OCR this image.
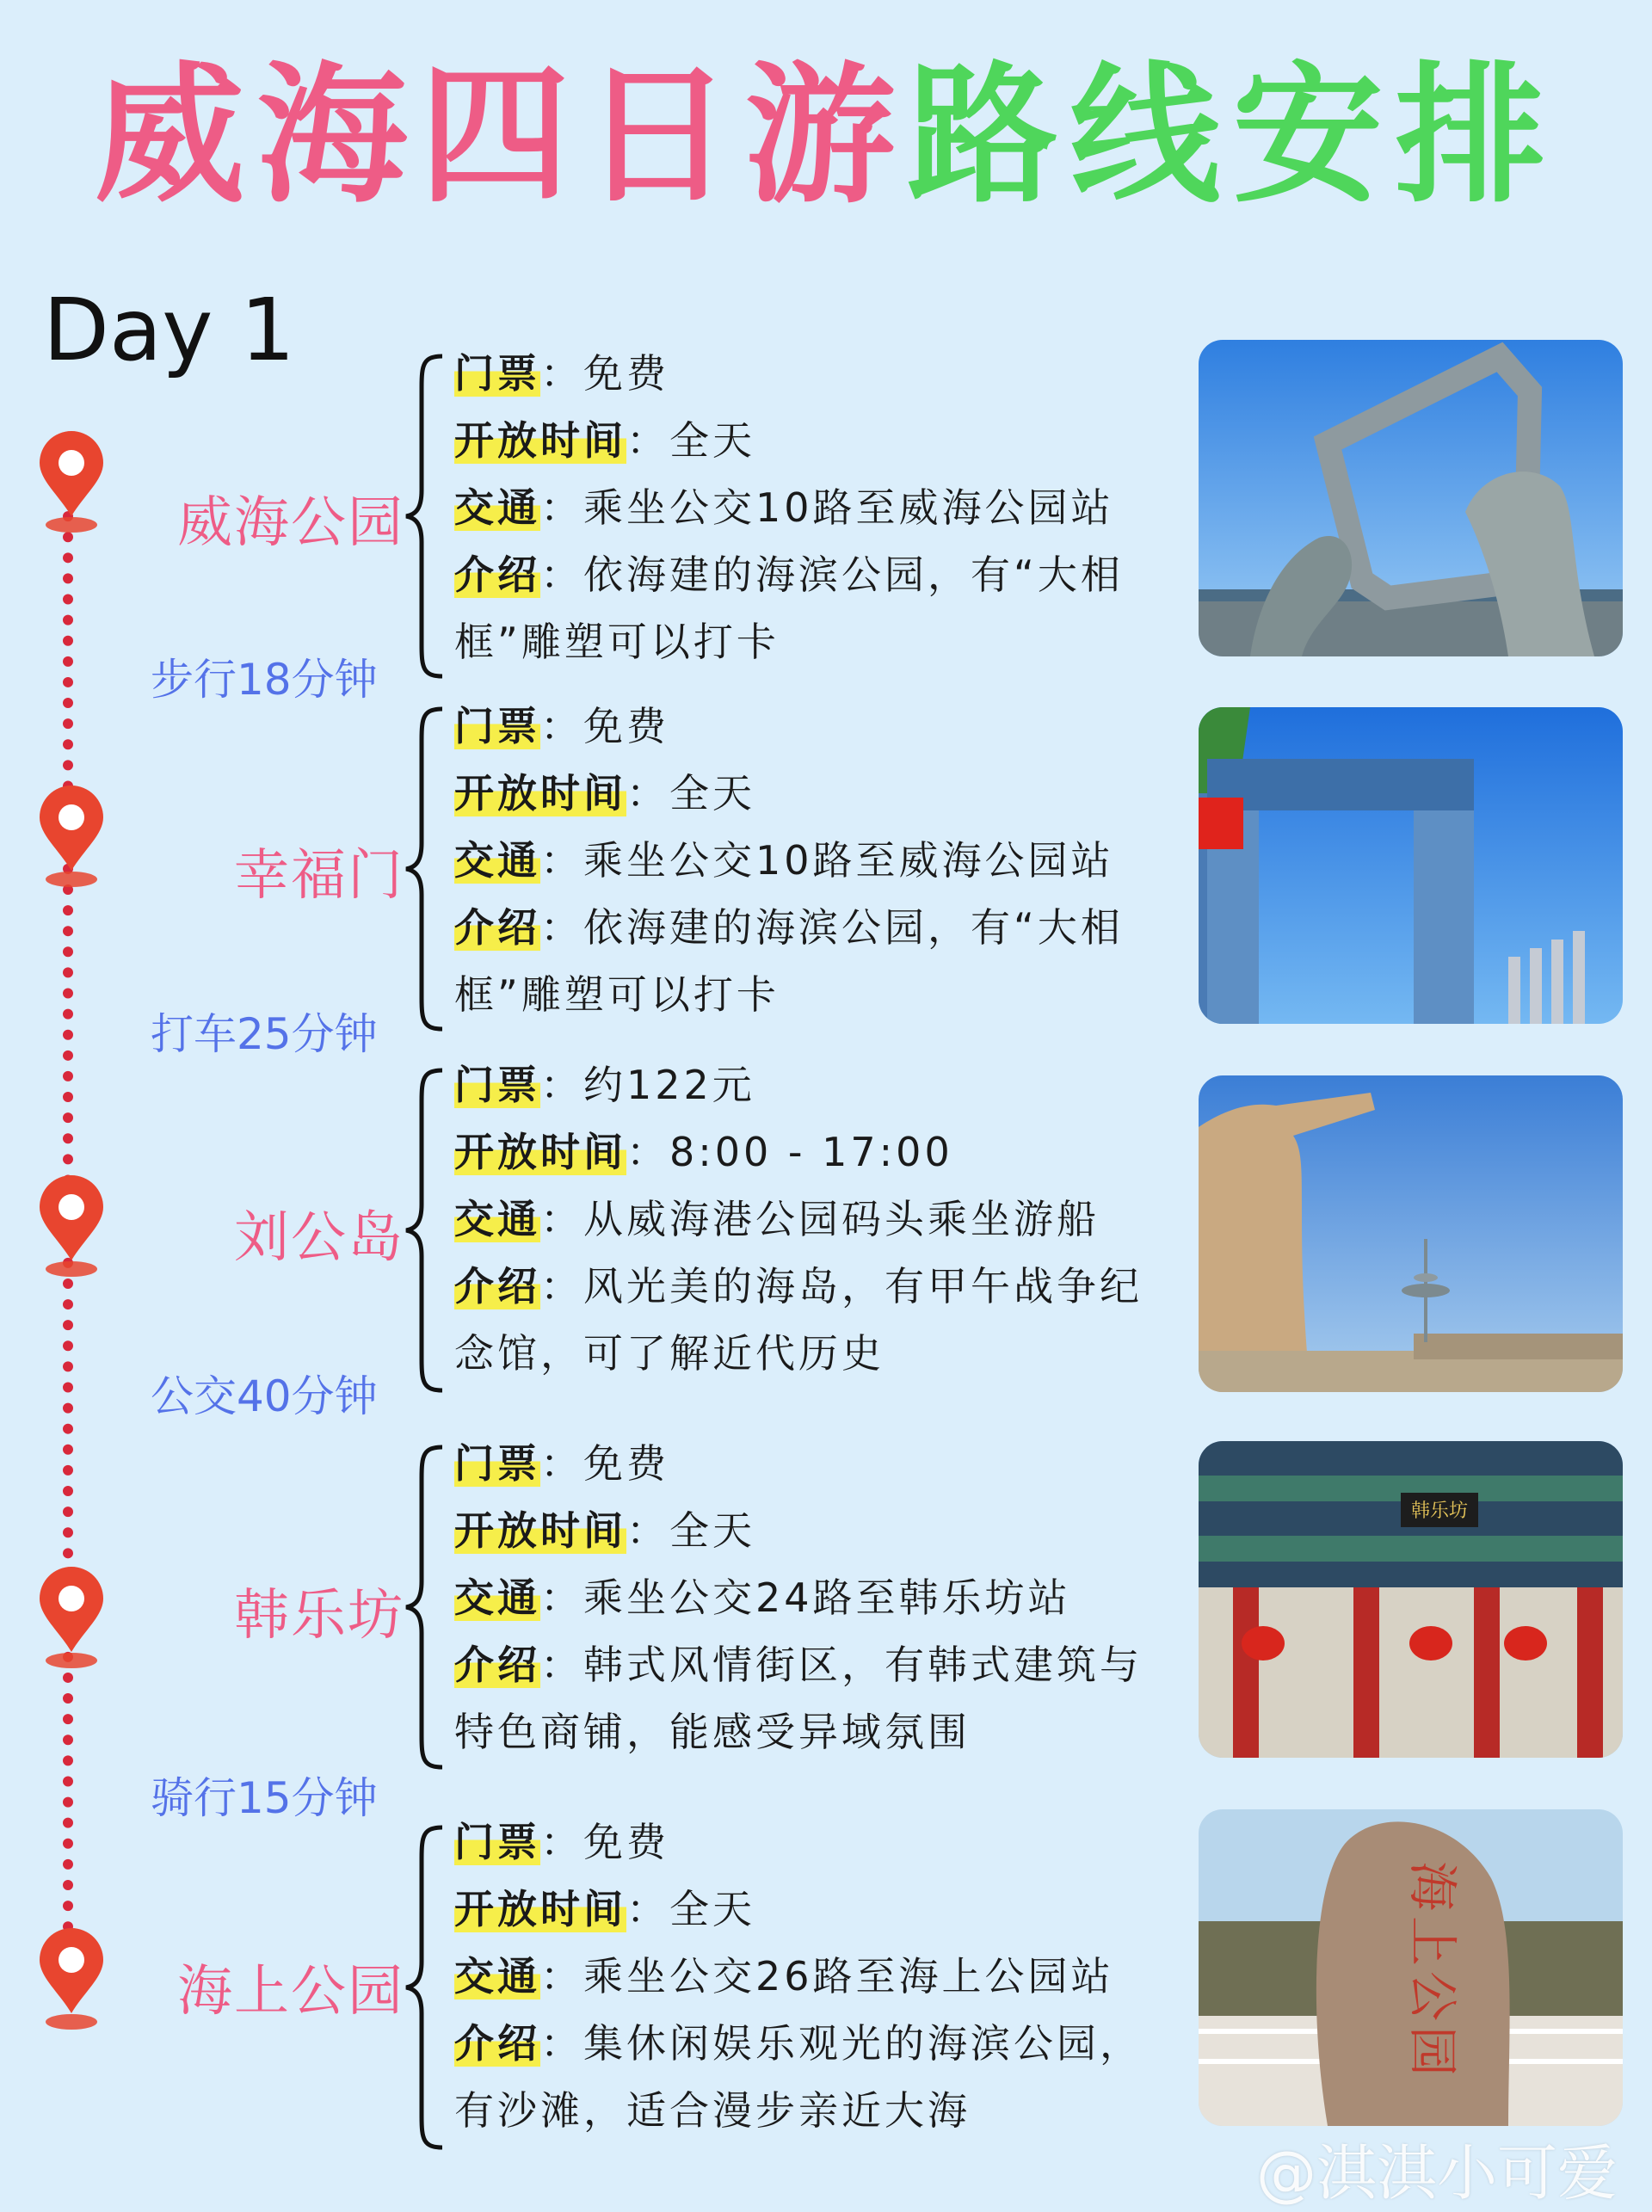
威海四日游路线安排
Day 1
威海公园
幸福门
刘公岛
韩乐坊
海上公园
步行18分钟
打车25分钟
公交40分钟
骑行15分钟
门票：免费
开放时间：全天
交通：乘坐公交10路至威海公园站
介绍：依海建的海滨公园，有“大相框”雕塑可以打卡
门票：免费
开放时间：全天
交通：乘坐公交10路至威海公园站
介绍：依海建的海滨公园，有“大相框”雕塑可以打卡
门票：约122元
开放时间：8:00 - 17:00
交通：从威海港公园码头乘坐游船
介绍：风光美的海岛，有甲午战争纪念馆，可了解近代历史
门票：免费
开放时间：全天
交通：乘坐公交24路至韩乐坊站
介绍：韩式风情街区，有韩式建筑与特色商铺，能感受异域氛围
门票：免费
开放时间：全天
交通：乘坐公交26路至海上公园站
介绍：集休闲娱乐观光的海滨公园，有沙滩，适合漫步亲近大海
韩乐坊
海上公园
@淇淇小可爱
